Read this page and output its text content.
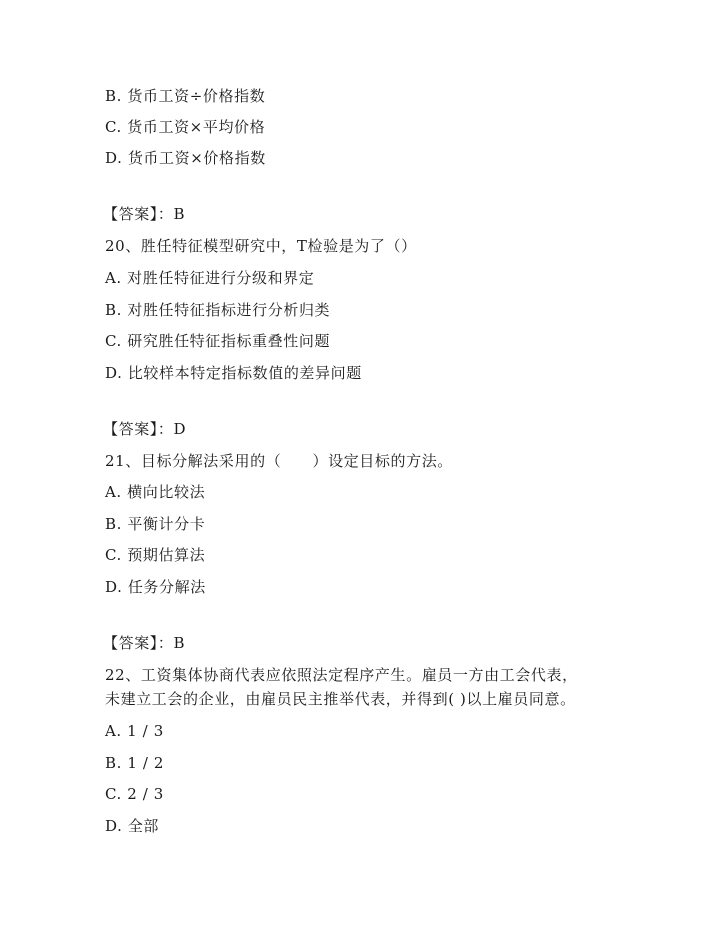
B. 货币工资÷价格指数
C. 货币工资×平均价格
D. 货币工资×价格指数
【答案】：B
20、胜任特征模型研究中，T检验是为了（）
A. 对胜任特征进行分级和界定
B. 对胜任特征指标进行分析归类
C. 研究胜任特征指标重叠性问题
D. 比较样本特定指标数值的差异问题
【答案】：D
21、目标分解法采用的（　　）设定目标的方法。
A. 横向比较法
B. 平衡计分卡
C. 预期估算法
D. 任务分解法
【答案】：B
22、工资集体协商代表应依照法定程序产生。雇员一方由工会代表，
未建立工会的企业，由雇员民主推举代表，并得到( )以上雇员同意。
A. 1 / 3
B. 1 / 2
C. 2 / 3
D. 全部
